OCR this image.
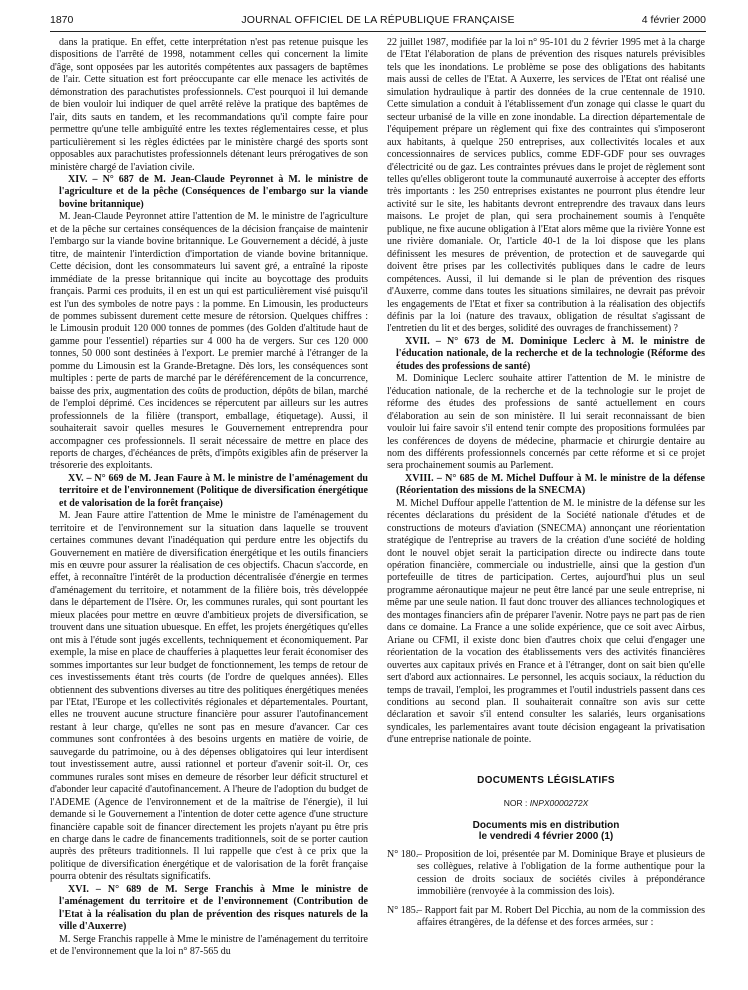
JOURNAL OFFICIEL DE LA RÉPUBLIQUE FRANÇAISE
1870	4 février 2000

dans la pratique. En effet, cette interprétation n'est pas retenue puisque les dispositions de l'arrêté de 1998, notamment celles qui concernent la limite d'âge, sont opposées par les autorités compétentes aux passagers de baptêmes de l'air. Cette situation est fort préoccupante car elle menace les activités de démonstration des parachutistes professionnels. C'est pourquoi il lui demande de bien vouloir lui indiquer de quel arrêté relève la pratique des baptêmes de l'air, dits sauts en tandem, et les recommandations qu'il compte faire pour permettre qu'une telle ambiguïté entre les textes réglementaires cesse, et plus particulièrement si les règles édictées par le ministère chargé des sports sont opposables aux parachutistes professionnels détenant leurs prérogatives de son ministère chargé de l'aviation civile.

XIV. – N° 687 de M. Jean-Claude Peyronnet à M. le ministre de l'agriculture et de la pêche (Conséquences de l'embargo sur la viande bovine britannique)

M. Jean-Claude Peyronnet attire l'attention de M. le ministre de l'agriculture et de la pêche sur certaines conséquences de la décision française de maintenir l'embargo sur la viande bovine britannique. Le Gouvernement a décidé, à juste titre, de maintenir l'interdiction d'importation de viande bovine britannique. Cette décision, dont les consommateurs lui savent gré, a entraîné la riposte immédiate de la presse britannique qui incite au boycottage des produits français. Parmi ces produits, il en est un qui est particulièrement visé puisqu'il est l'un des symboles de notre pays : la pomme. En Limousin, les producteurs de pommes subissent durement cette mesure de rétorsion. Quelques chiffres : le Limousin produit 120 000 tonnes de pommes (des Golden d'altitude haut de gamme pour l'essentiel) réparties sur 4 000 ha de vergers. Sur ces 120 000 tonnes, 50 000 sont destinées à l'export. Le premier marché à l'étranger de la pomme du Limousin est la Grande-Bretagne. Dès lors, les conséquences sont multiples : perte de parts de marché par le déréférencement de la concurrence, baisse des prix, augmentation des coûts de production, dépôts de bilan, marché de l'emploi déprimé. Ces incidences se répercutent par ailleurs sur les autres professionnels de la filière (transport, emballage, étiquetage). Aussi, il souhaiterait savoir quelles mesures le Gouvernement entreprendra pour accompagner ces professionnels. Il serait nécessaire de mettre en place des reports de charges, d'échéances de prêts, d'impôts exigibles afin de préserver la trésorerie des exploitants.

XV. – N° 669 de M. Jean Faure à M. le ministre de l'aménagement du territoire et de l'environnement (Politique de diversification énergétique et de valorisation de la forêt française)

M. Jean Faure attire l'attention de Mme le ministre de l'aménagement du territoire et de l'environnement sur la situation dans laquelle se trouvent certaines communes devant l'inadéquation qui perdure entre les objectifs du Gouvernement en matière de diversification énergétique et les outils financiers mis en œuvre pour assurer la réalisation de ces objectifs. Chacun s'accorde, en effet, à reconnaître l'intérêt de la production décentralisée d'énergie en termes d'aménagement du territoire, et notamment de la filière bois, très développée dans le département de l'Isère. Or, les communes rurales, qui sont pourtant les mieux placées pour mettre en œuvre d'ambitieux projets de diversification, se trouvent dans une situation ubuesque. En effet, les projets énergétiques qu'elles ont mis à l'étude sont jugés excellents, techniquement et économiquement. Par exemple, la mise en place de chaufferies à plaquettes leur ferait économiser des sommes importantes sur leur budget de fonctionnement, les temps de retour de ces investissements étant très courts (de l'ordre de quelques années). Elles obtiennent des subventions diverses au titre des politiques énergétiques menées par l'Etat, l'Europe et les collectivités régionales et départementales. Pourtant, elles ne trouvent aucune structure financière pour assurer l'autofinancement restant à leur charge, qu'elles ne sont pas en mesure d'avancer. Car ces communes sont confrontées à des besoins urgents en matière de voirie, de sauvegarde du patrimoine, ou à des dépenses obligatoires qui leur interdisent tout investissement autre, aussi rationnel et porteur d'avenir soit-il. Or, ces communes rurales sont mises en demeure de résorber leur déficit structurel et d'abonder leur capacité d'autofinancement. A l'heure de l'adoption du budget de l'ADEME (Agence de l'environnement et de la maîtrise de l'énergie), il lui demande si le Gouvernement a l'intention de doter cette agence d'une structure financière capable soit de financer directement les projets n'ayant pu être pris en charge dans le cadre de financements traditionnels, soit de se porter caution auprès des prêteurs traditionnels. Il lui rappelle que c'est à ce prix que la politique de diversification énergétique et de valorisation de la forêt française pourra obtenir des résultats significatifs.

XVI. – N° 689 de M. Serge Franchis à Mme le ministre de l'aménagement du territoire et de l'environnement (Contribution de l'Etat à la réalisation du plan de prévention des risques naturels de la ville d'Auxerre)

M. Serge Franchis rappelle à Mme le ministre de l'aménagement du territoire et de l'environnement que la loi n° 87-565 du

22 juillet 1987, modifiée par la loi n° 95-101 du 2 février 1995 met à la charge de l'Etat l'élaboration de plans de prévention des risques naturels prévisibles tels que les inondations. Le problème se pose des obligations des habitants mais aussi de celles de l'Etat. A Auxerre, les services de l'Etat ont réalisé une simulation hydraulique à partir des données de la crue centennale de 1910. Cette simulation a conduit à l'établissement d'un zonage qui classe le quart du secteur urbanisé de la ville en zone inondable. La direction départementale de l'équipement prépare un règlement qui fixe des contraintes qui s'imposeront aux habitants, à quelque 250 entreprises, aux collectivités locales et aux concessionnaires de services publics, comme EDF-GDF pour ses ouvrages d'électricité ou de gaz. Les contraintes prévues dans le projet de règlement sont telles qu'elles obligeront toute la communauté auxerroise à accepter des efforts très importants : les 250 entreprises existantes ne pourront plus étendre leur activité sur le site, les habitants devront entreprendre des travaux dans leurs maisons. Le projet de plan, qui sera prochainement soumis à l'enquête publique, ne fixe aucune obligation à l'Etat alors même que la rivière Yonne est une rivière domaniale. Or, l'article 40-1 de la loi dispose que les plans définissent les mesures de prévention, de protection et de sauvegarde qui doivent être prises par les collectivités publiques dans le cadre de leurs compétences. Aussi, il lui demande si le plan de prévention des risques d'Auxerre, comme dans toutes les situations similaires, ne devrait pas prévoir les engagements de l'Etat et fixer sa contribution à la réalisation des objectifs définis par la loi (nature des travaux, obligation de résultat s'agissant de l'entretien du lit et des berges, solidité des ouvrages de franchissement) ?

XVII. – N° 673 de M. Dominique Leclerc à M. le ministre de l'éducation nationale, de la recherche et de la technologie (Réforme des études des professions de santé)

M. Dominique Leclerc souhaite attirer l'attention de M. le ministre de l'éducation nationale, de la recherche et de la technologie sur le projet de réforme des études des professions de santé actuellement en cours d'élaboration au sein de son ministère. Il lui serait reconnaissant de bien vouloir lui faire savoir s'il entend tenir compte des propositions formulées par les conférences de doyens de médecine, pharmacie et chirurgie dentaire au nom des différents professionnels concernés par cette réforme et si ce projet sera prochainement soumis au Parlement.

XVIII. – N° 685 de M. Michel Duffour à M. le ministre de la défense (Réorientation des missions de la SNECMA)

M. Michel Duffour appelle l'attention de M. le ministre de la défense sur les récentes déclarations du président de la Société nationale d'études et de constructions de moteurs d'aviation (SNECMA) annonçant une réorientation stratégique de l'entreprise au travers de la création d'une société de holding dont le nouvel objet serait la participation directe ou indirecte dans toute opération financière, commerciale ou industrielle, ainsi que la gestion d'un portefeuille de titres de participation. Certes, aujourd'hui plus un seul programme aéronautique majeur ne peut être lancé par une seule entreprise, ni même par une seule nation. Il faut donc trouver des alliances technologiques et des montages financiers afin de préparer l'avenir. Notre pays ne part pas de rien dans ce domaine. La France a une solide expérience, que ce soit avec Airbus, Ariane ou CFMI, il existe donc bien d'autres choix que celui d'engager une réorientation de la vocation des établissements vers des activités financières ouvertes aux capitaux privés en France et à l'étranger, dont on sait bien qu'elle sert d'abord aux actionnaires. Le personnel, les acquis sociaux, la réduction du temps de travail, l'emploi, les programmes et l'outil industriels passent dans ces conditions au second plan. Il souhaiterait connaître son avis sur cette déclaration et savoir s'il entend consulter les salariés, leurs organisations syndicales, les parlementaires avant toute décision engageant la privatisation d'une entreprise nationale de pointe.

DOCUMENTS LÉGISLATIFS
NOR : INPX0000272X
Documents mis en distribution
le vendredi 4 février 2000 (1)
N° 180.
– Proposition de loi, présentée par M. Dominique Braye et plusieurs de ses collègues, relative à l'obligation de la forme authentique pour la cession de droits sociaux de sociétés civiles à prépondérance immobilière (renvoyée à la commission des lois).
N° 185.
– Rapport fait par M. Robert Del Picchia, au nom de la commission des affaires étrangères, de la défense et des forces armées, sur :
